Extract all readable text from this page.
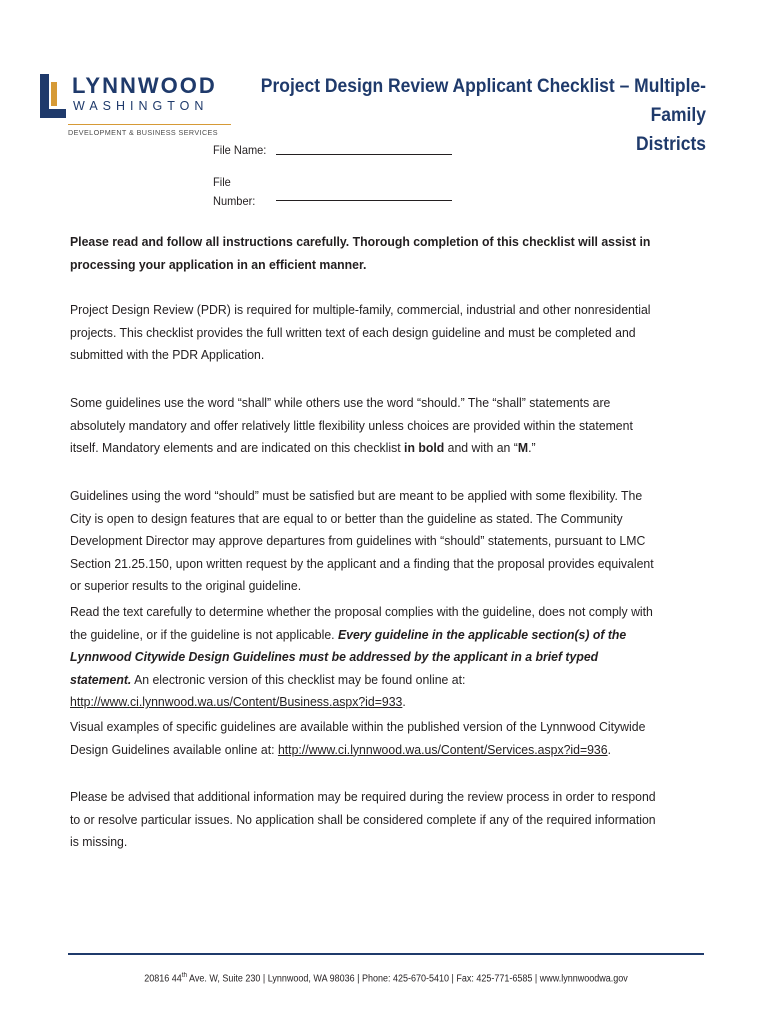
LYNNWOOD
WASHINGTON
DEVELOPMENT & BUSINESS SERVICES
Project Design Review Applicant Checklist – Multiple-Family
Districts
File Name:
File
Number:
Please read and follow all instructions carefully. Thorough completion of this checklist will assist in processing your application in an efficient manner.
Project Design Review (PDR) is required for multiple-family, commercial, industrial and other nonresidential projects. This checklist provides the full written text of each design guideline and must be completed and submitted with the PDR Application.
Some guidelines use the word “shall” while others use the word “should.” The “shall” statements are absolutely mandatory and offer relatively little flexibility unless choices are provided within the statement itself. Mandatory elements and are indicated on this checklist in bold and with an “M.”
Guidelines using the word “should” must be satisfied but are meant to be applied with some flexibility. The City is open to design features that are equal to or better than the guideline as stated. The Community Development Director may approve departures from guidelines with “should” statements, pursuant to LMC Section 21.25.150, upon written request by the applicant and a finding that the proposal provides equivalent or superior results to the original guideline.
Read the text carefully to determine whether the proposal complies with the guideline, does not comply with the guideline, or if the guideline is not applicable. Every guideline in the applicable section(s) of the Lynnwood Citywide Design Guidelines must be addressed by the applicant in a brief typed statement. An electronic version of this checklist may be found online at: http://www.ci.lynnwood.wa.us/Content/Business.aspx?id=933.
Visual examples of specific guidelines are available within the published version of the Lynnwood Citywide Design Guidelines available online at: http://www.ci.lynnwood.wa.us/Content/Services.aspx?id=936.
Please be advised that additional information may be required during the review process in order to respond to or resolve particular issues. No application shall be considered complete if any of the required information is missing.
20816 44th Ave. W, Suite 230 | Lynnwood, WA 98036 | Phone: 425-670-5410 | Fax: 425-771-6585 | www.lynnwoodwa.gov
